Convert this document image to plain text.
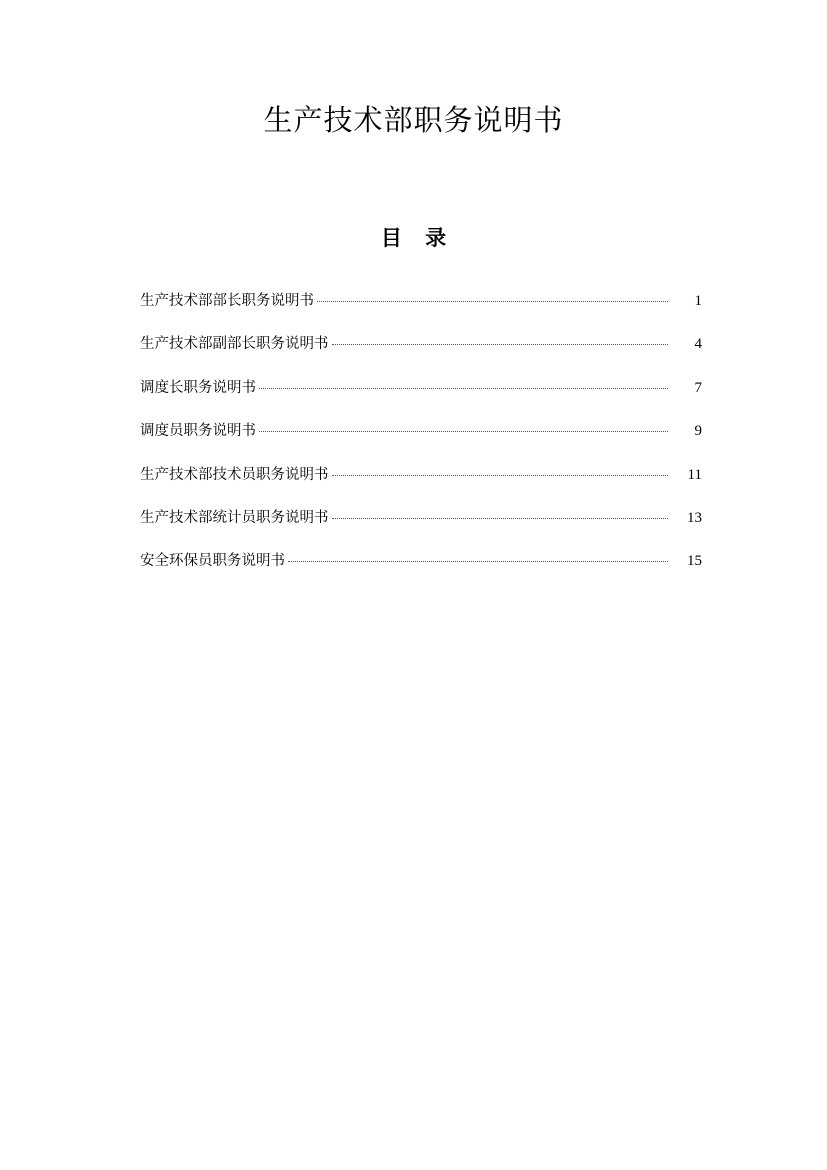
生产技术部职务说明书
目 录
生产技术部部长职务说明书	1
生产技术部副部长职务说明书	4
调度长职务说明书	7
调度员职务说明书	9
生产技术部技术员职务说明书	11
生产技术部统计员职务说明书	13
安全环保员职务说明书	15
